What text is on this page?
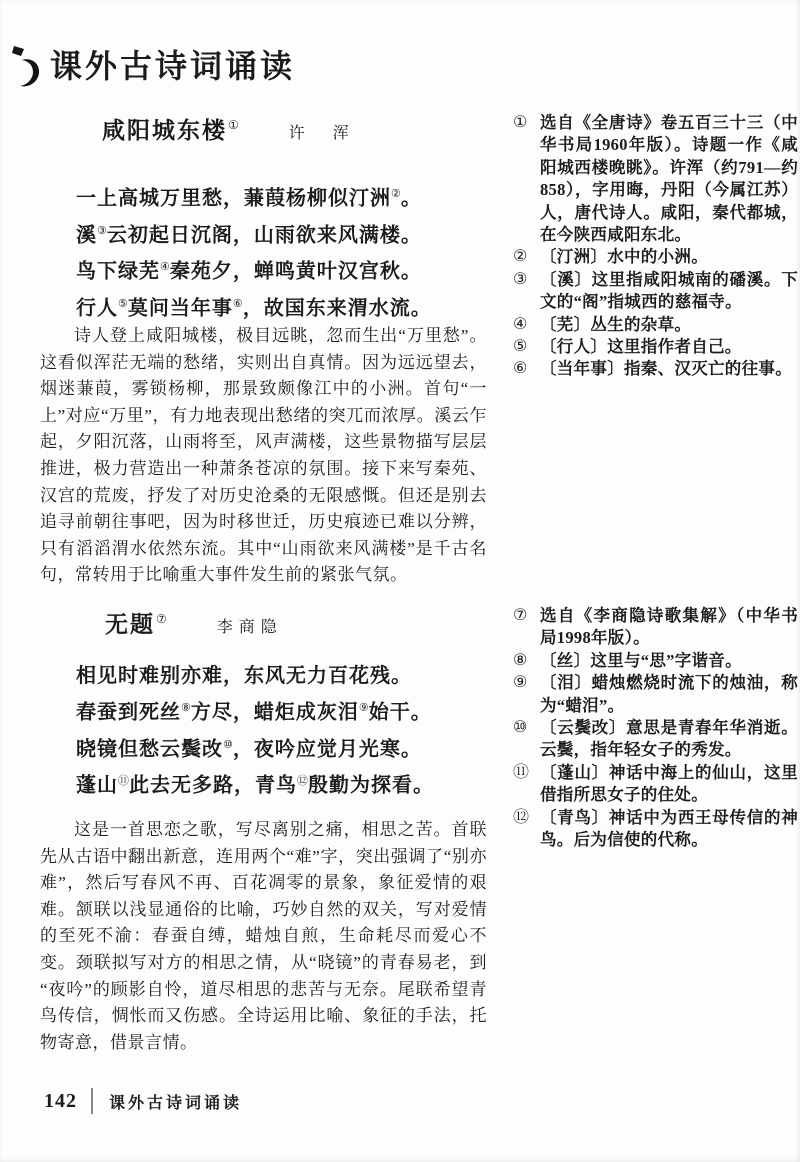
课外古诗词诵读
咸阳城东楼①	许　浑
一上高城万里愁，蒹葭杨柳似汀洲②。
溪③云初起日沉阁，山雨欲来风满楼。
鸟下绿芜④秦苑夕，蝉鸣黄叶汉宫秋。
行人⑤莫问当年事⑥，故国东来渭水流。

诗人登上咸阳城楼，极目远眺，忽而生出“万里愁”。这看似浑茫无端的愁绪，实则出自真情。因为远远望去，烟迷蒹葭，雾锁杨柳，那景致颇像江中的小洲。首句“一上”对应“万里”，有力地表现出愁绪的突兀而浓厚。溪云乍起，夕阳沉落，山雨将至，风声满楼，这些景物描写层层推进，极力营造出一种萧条苍凉的氛围。接下来写秦苑、汉宫的荒废，抒发了对历史沧桑的无限感慨。但还是别去追寻前朝往事吧，因为时移世迁，历史痕迹已难以分辨，只有滔滔渭水依然东流。其中“山雨欲来风满楼”是千古名句，常转用于比喻重大事件发生前的紧张气氛。

无题⑦	李商隐
相见时难别亦难，东风无力百花残。
春蚕到死丝⑧方尽，蜡炬成灰泪⑨始干。
晓镜但愁云鬓改⑩，夜吟应觉月光寒。
蓬山⑪此去无多路，青鸟⑫殷勤为探看。

这是一首思恋之歌，写尽离别之痛，相思之苦。首联先从古语中翻出新意，连用两个“难”字，突出强调了“别亦难”，然后写春风不再、百花凋零的景象，象征爱情的艰难。颔联以浅显通俗的比喻，巧妙自然的双关，写对爱情的至死不渝：春蚕自缚，蜡烛自煎，生命耗尽而爱心不变。颈联拟写对方的相思之情，从“晓镜”的青春易老，到“夜吟”的顾影自怜，道尽相思的悲苦与无奈。尾联希望青鸟传信，惆怅而又伤感。全诗运用比喻、象征的手法，托物寄意，借景言情。

① 选自《全唐诗》卷五百三十三（中华书局1960年版）。诗题一作《咸阳城西楼晚眺》。许浑（约791—约858），字用晦，丹阳（今属江苏）人，唐代诗人。咸阳，秦代都城，在今陕西咸阳东北。
② 〔汀洲〕水中的小洲。
③ 〔溪〕这里指咸阳城南的磻溪。下文的“阁”指城西的慈福寺。
④ 〔芜〕丛生的杂草。
⑤ 〔行人〕这里指作者自己。
⑥ 〔当年事〕指秦、汉灭亡的往事。
⑦ 选自《李商隐诗歌集解》（中华书局1998年版）。
⑧ 〔丝〕这里与“思”字谐音。
⑨ 〔泪〕蜡烛燃烧时流下的烛油，称为“蜡泪”。
⑩ 〔云鬓改〕意思是青春年华消逝。云鬓，指年轻女子的秀发。
⑪ 〔蓬山〕神话中海上的仙山，这里借指所思女子的住处。
⑫ 〔青鸟〕神话中为西王母传信的神鸟。后为信使的代称。
142 课外古诗词诵读
